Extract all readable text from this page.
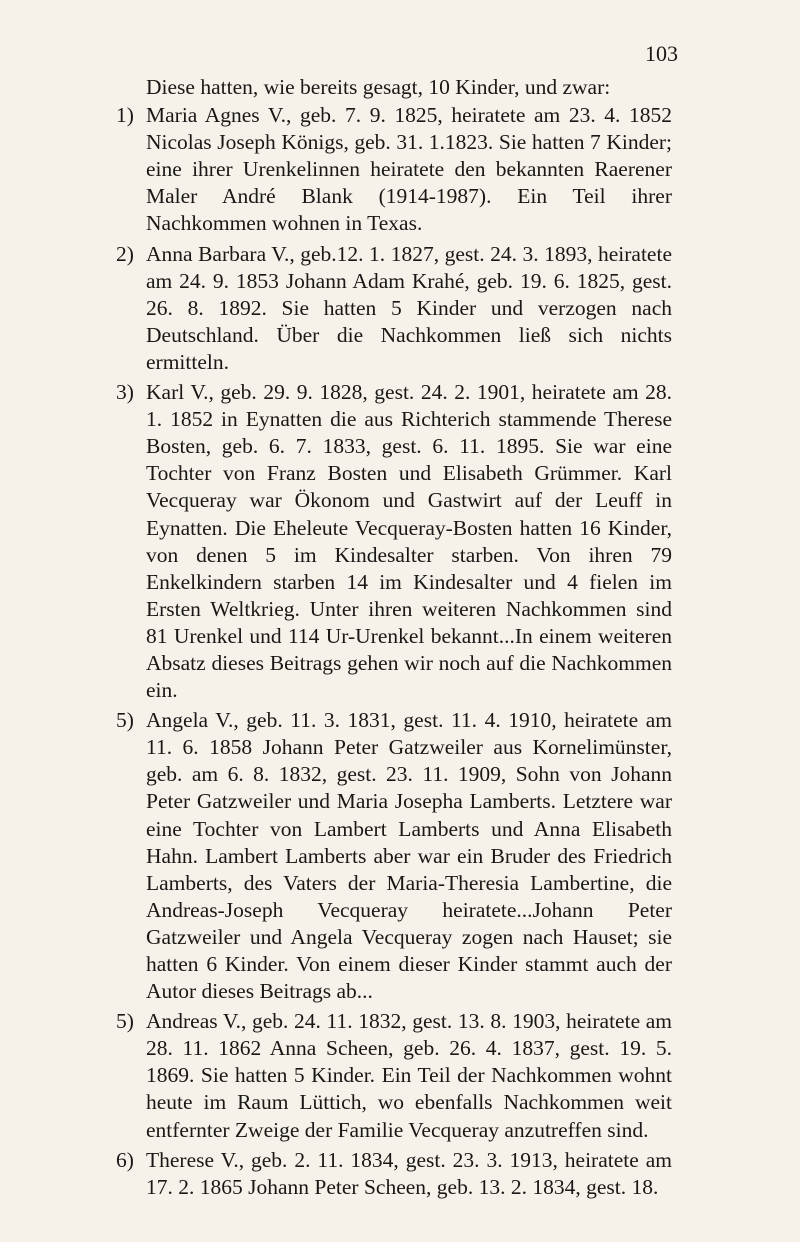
103
Diese hatten, wie bereits gesagt, 10 Kinder, und zwar:
1) Maria Agnes V., geb. 7. 9. 1825, heiratete am 23. 4. 1852 Nicolas Joseph Königs, geb. 31. 1.1823. Sie hatten 7 Kinder; eine ihrer Urenkelinnen heiratete den bekannten Raerener Maler André Blank (1914-1987). Ein Teil ihrer Nachkommen wohnen in Texas.
2) Anna Barbara V., geb.12. 1. 1827, gest. 24. 3. 1893, heiratete am 24. 9. 1853 Johann Adam Krahé, geb. 19. 6. 1825, gest. 26. 8. 1892. Sie hatten 5 Kinder und verzogen nach Deutschland. Über die Nachkommen ließ sich nichts ermitteln.
3) Karl V., geb. 29. 9. 1828, gest. 24. 2. 1901, heiratete am 28. 1. 1852 in Eynatten die aus Richterich stammende Therese Bosten, geb. 6. 7. 1833, gest. 6. 11. 1895. Sie war eine Tochter von Franz Bosten und Elisabeth Grümmer. Karl Vecqueray war Ökonom und Gastwirt auf der Leuff in Eynatten. Die Eheleute Vecqueray-Bosten hatten 16 Kinder, von denen 5 im Kindesalter starben. Von ihren 79 Enkelkindern starben 14 im Kindesalter und 4 fielen im Ersten Weltkrieg. Unter ihren weiteren Nachkommen sind 81 Urenkel und 114 Ur-Urenkel bekannt...In einem weiteren Absatz dieses Beitrags gehen wir noch auf die Nachkommen ein.
5) Angela V., geb. 11. 3. 1831, gest. 11. 4. 1910, heiratete am 11. 6. 1858 Johann Peter Gatzweiler aus Kornelimünster, geb. am 6. 8. 1832, gest. 23. 11. 1909, Sohn von Johann Peter Gatzweiler und Maria Josepha Lamberts. Letztere war eine Tochter von Lambert Lamberts und Anna Elisabeth Hahn. Lambert Lamberts aber war ein Bruder des Friedrich Lamberts, des Vaters der Maria-Theresia Lambertine, die Andreas-Joseph Vecqueray heiratete...Johann Peter Gatzweiler und Angela Vecqueray zogen nach Hauset; sie hatten 6 Kinder. Von einem dieser Kinder stammt auch der Autor dieses Beitrags ab...
5) Andreas V., geb. 24. 11. 1832, gest. 13. 8. 1903, heiratete am 28. 11. 1862 Anna Scheen, geb. 26. 4. 1837, gest. 19. 5. 1869. Sie hatten 5 Kinder. Ein Teil der Nachkommen wohnt heute im Raum Lüttich, wo ebenfalls Nachkommen weit entfernter Zweige der Familie Vecqueray anzutreffen sind.
6) Therese V., geb. 2. 11. 1834, gest. 23. 3. 1913, heiratete am 17. 2. 1865 Johann Peter Scheen, geb. 13. 2. 1834, gest. 18.
